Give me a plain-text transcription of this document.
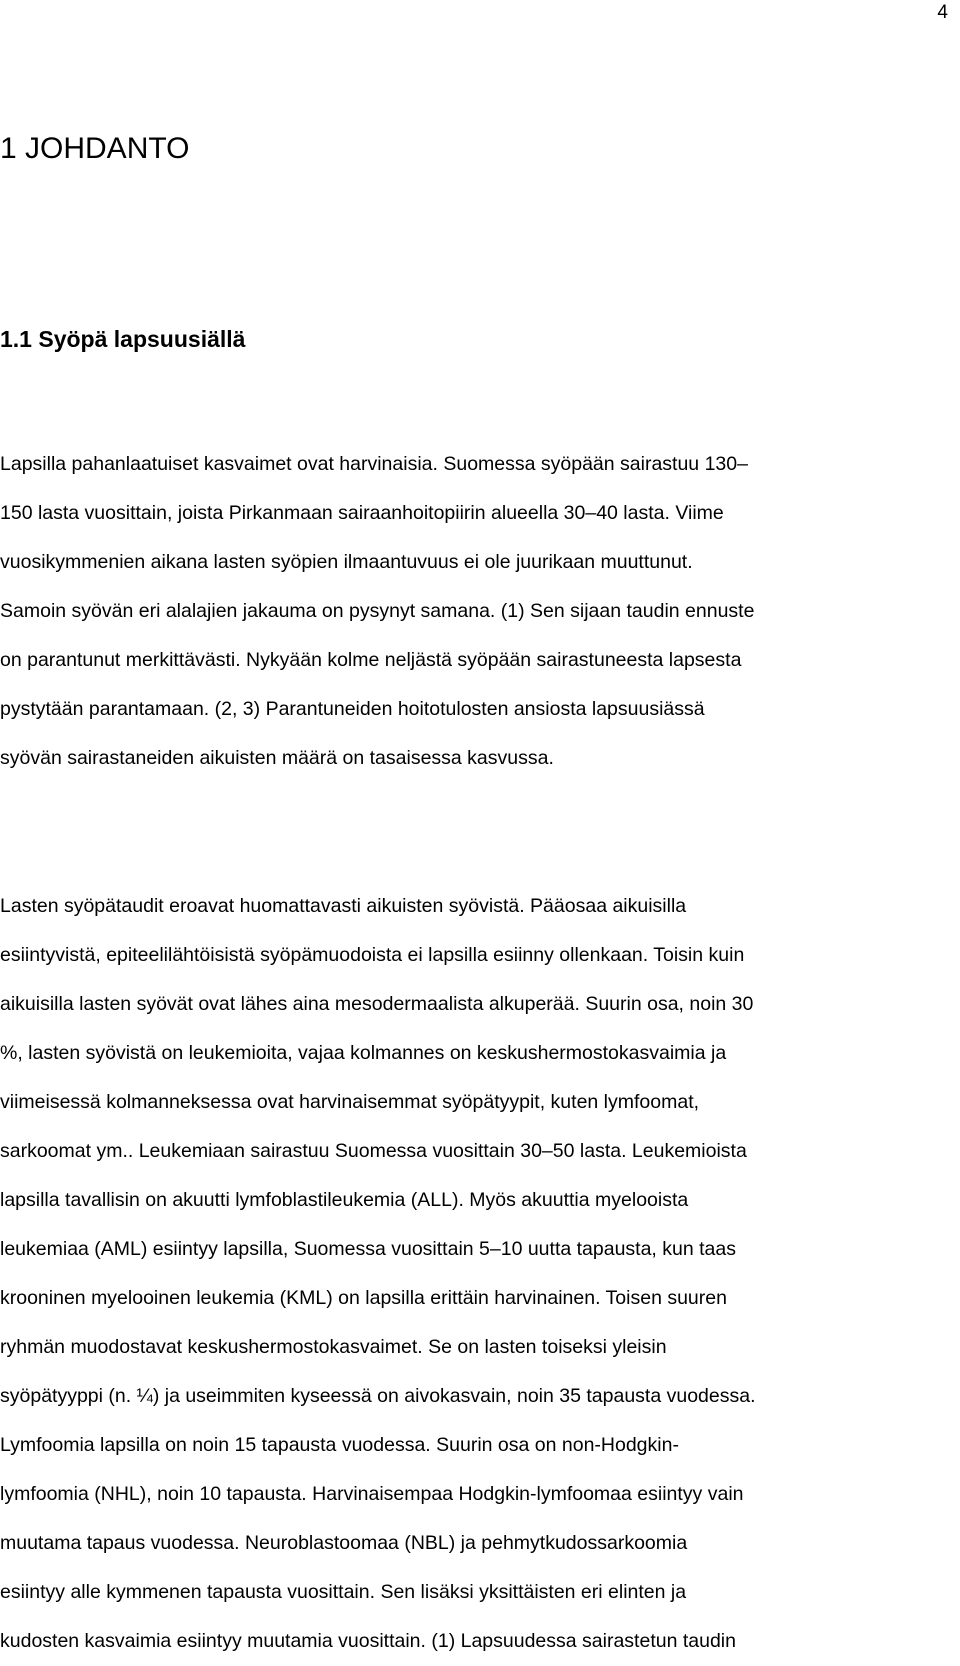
4
1 JOHDANTO
1.1 Syöpä lapsuusiällä
Lapsilla pahanlaatuiset kasvaimet ovat harvinaisia. Suomessa syöpään sairastuu 130–
150 lasta vuosittain, joista Pirkanmaan sairaanhoitopiirin alueella 30–40 lasta. Viime
vuosikymmenien aikana lasten syöpien ilmaantuvuus ei ole juurikaan muuttunut.
Samoin syövän eri alalajien jakauma on pysynyt samana. (1) Sen sijaan taudin ennuste
on parantunut merkittävästi. Nykyään kolme neljästä syöpään sairastuneesta lapsesta
pystytään parantamaan. (2, 3) Parantuneiden hoitotulosten ansiosta lapsuusiässä
syövän sairastaneiden aikuisten määrä on tasaisessa kasvussa.
Lasten syöpätaudit eroavat huomattavasti aikuisten syövistä. Pääosaa aikuisilla
esiintyvistä, epiteelilähtöisistä syöpämuodoista ei lapsilla esiinny ollenkaan. Toisin kuin
aikuisilla lasten syövät ovat lähes aina mesodermaalista alkuperää. Suurin osa, noin 30
%, lasten syövistä on leukemioita, vajaa kolmannes on keskushermostokasvaimia ja
viimeisessä kolmanneksessa ovat harvinaisemmat syöpätyypit, kuten lymfoomat,
sarkoomat ym.. Leukemiaan sairastuu Suomessa vuosittain 30–50 lasta. Leukemioista
lapsilla tavallisin on akuutti lymfoblastileukemia (ALL). Myös akuuttia myelooista
leukemiaa (AML) esiintyy lapsilla, Suomessa vuosittain 5–10 uutta tapausta, kun taas
krooninen myelooinen leukemia (KML) on lapsilla erittäin harvinainen. Toisen suuren
ryhmän muodostavat keskushermostokasvaimet. Se on lasten toiseksi yleisin
syöpätyyppi (n. ¼) ja useimmiten kyseessä on aivokasvain, noin 35 tapausta vuodessa.
Lymfoomia lapsilla on noin 15 tapausta vuodessa. Suurin osa on non-Hodgkin-
lymfoomia (NHL), noin 10 tapausta. Harvinaisempaa Hodgkin-lymfoomaa esiintyy vain
muutama tapaus vuodessa. Neuroblastoomaa (NBL) ja pehmytkudossarkoomia
esiintyy alle kymmenen tapausta vuosittain. Sen lisäksi yksittäisten eri elinten ja
kudosten kasvaimia esiintyy muutamia vuosittain. (1) Lapsuudessa sairastetun taudin
